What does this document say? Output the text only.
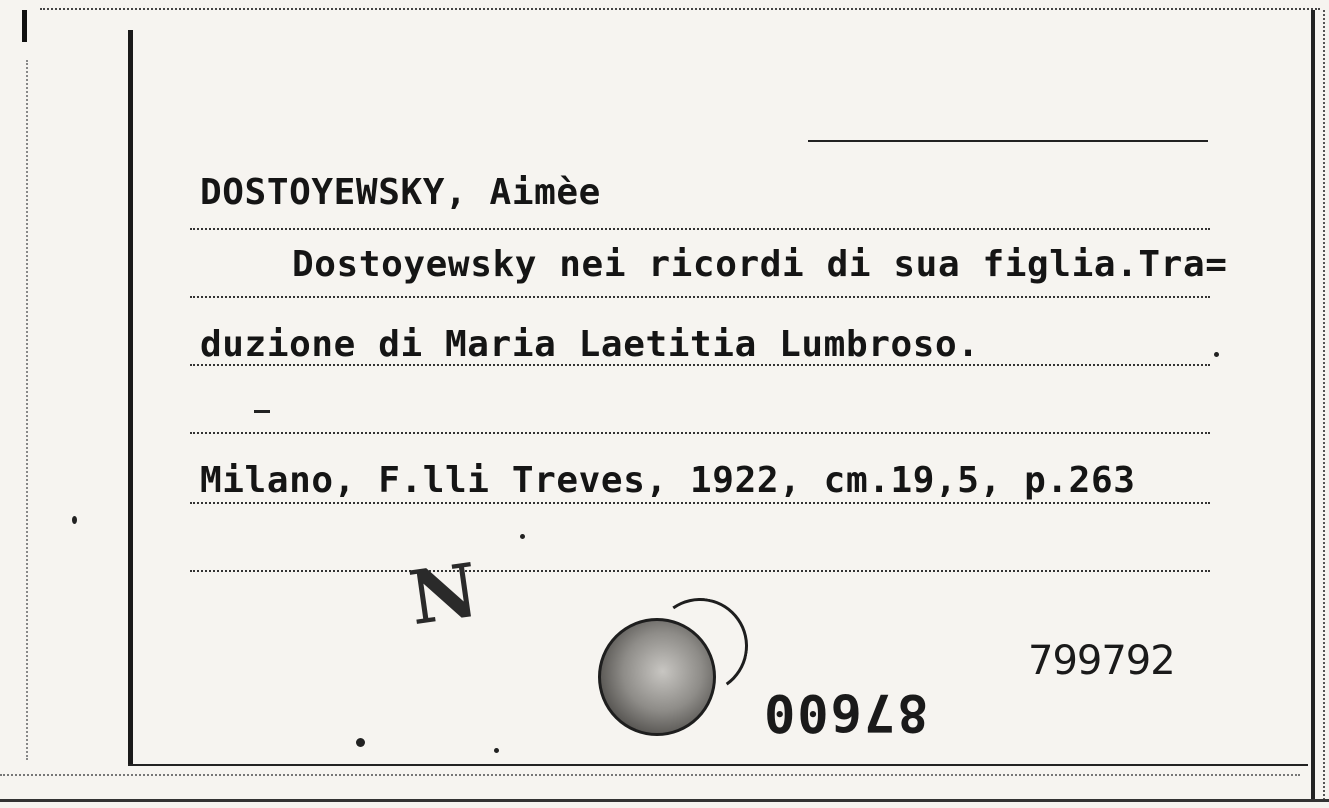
DOSTOYEWSKY, Aimèe
Dostoyewsky nei ricordi di sua figlia.Tra=
duzione di Maria Laetitia Lumbroso.
Milano, F.lli Treves, 1922, cm.19,5, p.263
N
799792
87600
